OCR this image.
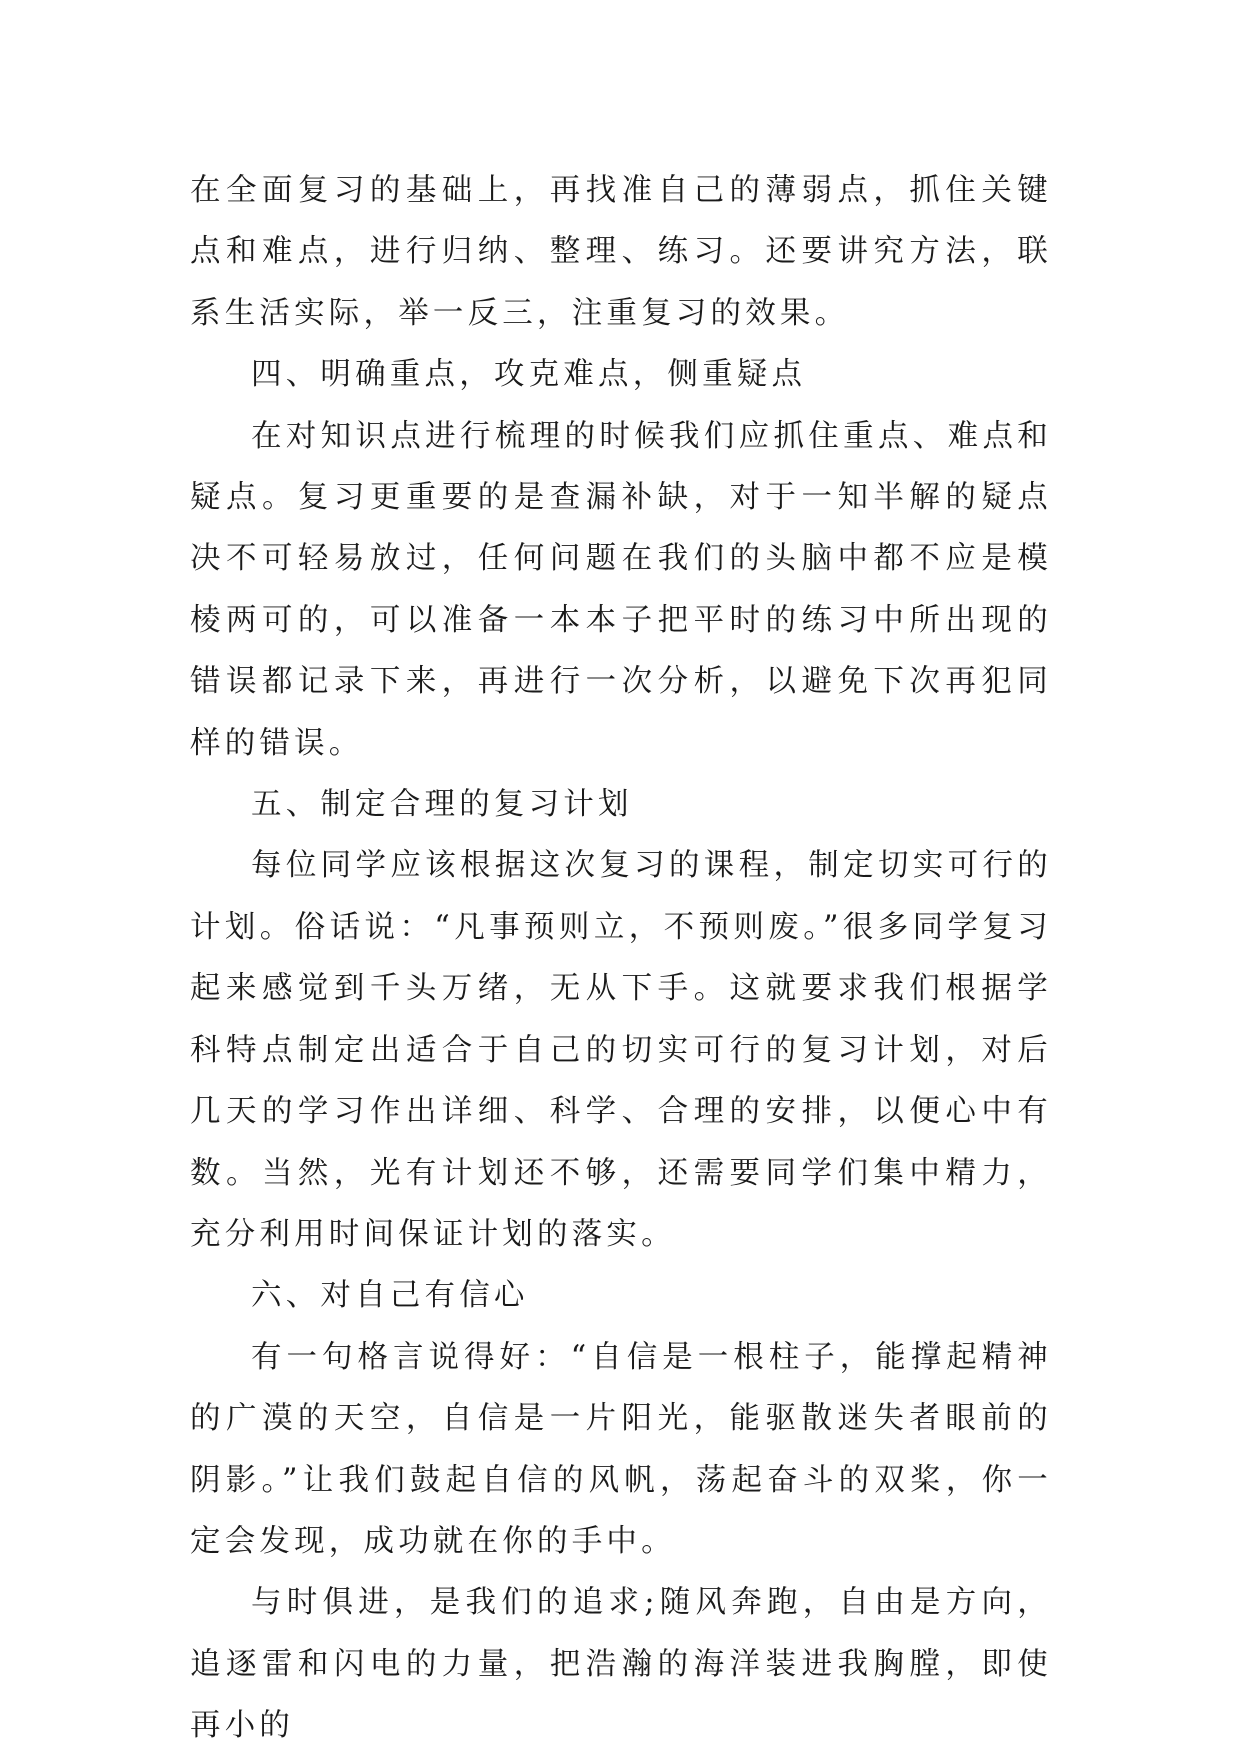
在全面复习的基础上，再找准自己的薄弱点，抓住关键点和难点，进行归纳、整理、练习。还要讲究方法，联系生活实际，举一反三，注重复习的效果。

四、明确重点，攻克难点，侧重疑点

在对知识点进行梳理的时候我们应抓住重点、难点和疑点。复习更重要的是查漏补缺，对于一知半解的疑点决不可轻易放过，任何问题在我们的头脑中都不应是模棱两可的，可以准备一本本子把平时的练习中所出现的错误都记录下来，再进行一次分析，以避免下次再犯同样的错误。

五、制定合理的复习计划

每位同学应该根据这次复习的课程，制定切实可行的计划。俗话说：“凡事预则立，不预则废。”很多同学复习起来感觉到千头万绪，无从下手。这就要求我们根据学科特点制定出适合于自己的切实可行的复习计划，对后几天的学习作出详细、科学、合理的安排，以便心中有数。当然，光有计划还不够，还需要同学们集中精力，充分利用时间保证计划的落实。

六、对自己有信心

有一句格言说得好：“自信是一根柱子，能撑起精神的广漠的天空，自信是一片阳光，能驱散迷失者眼前的阴影。”让我们鼓起自信的风帆，荡起奋斗的双桨，你一定会发现，成功就在你的手中。

与时俱进，是我们的追求;随风奔跑，自由是方向，追逐雷和闪电的力量，把浩瀚的海洋装进我胸膛，即使再小的
